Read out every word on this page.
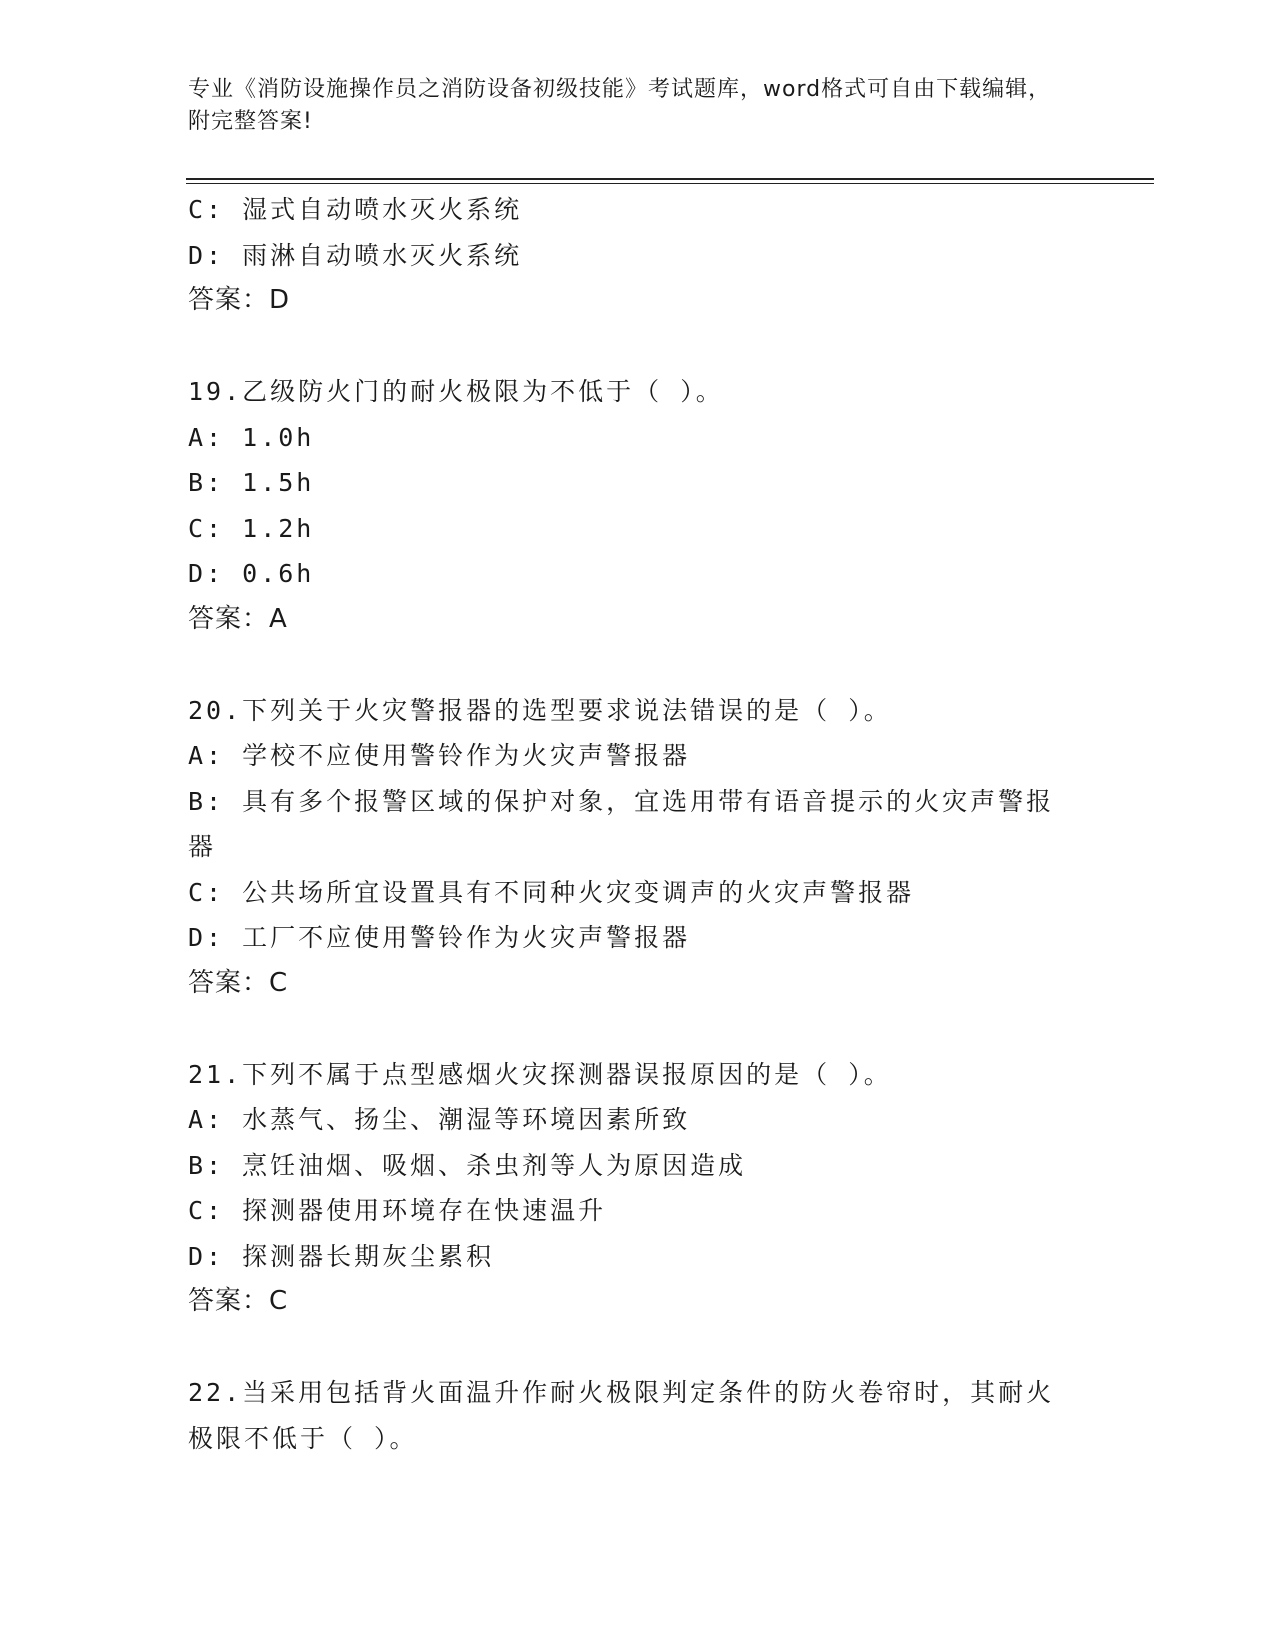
专业《消防设施操作员之消防设备初级技能》考试题库，word格式可自由下载编辑，附完整答案!
C: 湿式自动喷水灭火系统
D: 雨淋自动喷水灭火系统
答案：D
19.乙级防火门的耐火极限为不低于（ ）。
A: 1.0h
B: 1.5h
C: 1.2h
D: 0.6h
答案：A
20.下列关于火灾警报器的选型要求说法错误的是（ ）。
A: 学校不应使用警铃作为火灾声警报器
B: 具有多个报警区域的保护对象，宜选用带有语音提示的火灾声警报器
C: 公共场所宜设置具有不同种火灾变调声的火灾声警报器
D: 工厂不应使用警铃作为火灾声警报器
答案：C
21.下列不属于点型感烟火灾探测器误报原因的是（ ）。
A: 水蒸气、扬尘、潮湿等环境因素所致
B: 烹饪油烟、吸烟、杀虫剂等人为原因造成
C: 探测器使用环境存在快速温升
D: 探测器长期灰尘累积
答案：C
22.当采用包括背火面温升作耐火极限判定条件的防火卷帘时，其耐火极限不低于（ ）。
